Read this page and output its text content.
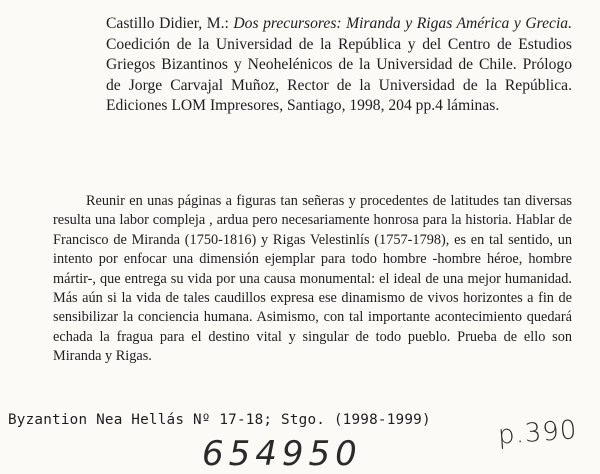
Castillo Didier, M.: Dos precursores: Miranda y Rigas América y Grecia. Coedición de la Universidad de la República y del Centro de Estudios Griegos Bizantinos y Neohelénicos de la Universidad de Chile. Prólogo de Jorge Carvajal Muñoz, Rector de la Universidad de la República. Ediciones LOM Impresores, Santiago, 1998, 204 pp.4 láminas.
Reunir en unas páginas a figuras tan señeras y procedentes de latitudes tan diversas resulta una labor compleja , ardua pero necesariamente honrosa para la historia. Hablar de Francisco de Miranda (1750-1816) y Rigas Velestinlís (1757-1798), es en tal sentido, un intento por enfocar una dimensión ejemplar para todo hombre -hombre héroe, hombre mártir-, que entrega su vida por una causa monumental: el ideal de una mejor humanidad. Más aún si la vida de tales caudillos expresa ese dinamismo de vivos horizontes a fin de sensibilizar la conciencia humana. Asimismo, con tal importante acontecimiento quedará echada la fragua para el destino vital y singular de todo pueblo. Prueba de ello son Miranda y Rigas.
Byzantion Nea Hellás Nº 17-18; Stgo. (1998-1999)	p.390
654950
